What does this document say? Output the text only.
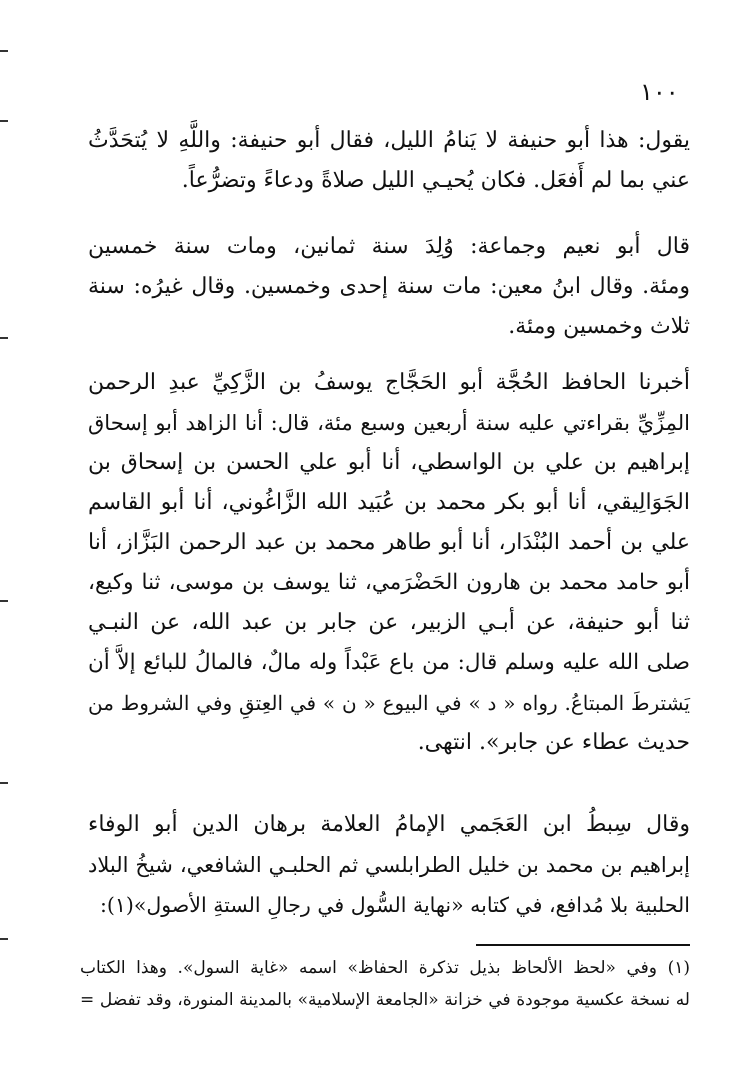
١٠٠
يقول: هذا أبو حنيفة لا يَنامُ الليل، فقال أبو حنيفة: واللَّهِ لا يُتحَدَّثُ
عني بما لم أَفعَل. فكان يُحيـي الليل صلاةً ودعاءً وتضرُّعاً.
قال أبو نعيم وجماعة: وُلِدَ سنة ثمانين، ومات سنة خمسين
ومئة. وقال ابنُ معين: مات سنة إحدى وخمسين. وقال غيرُه: سنة
ثلاث وخمسين ومئة.
أخبرنا الحافظ الحُجَّة أبو الحَجَّاج يوسفُ بن الزَّكِيِّ عبدِ الرحمن
المِزِّيِّ بقراءتي عليه سنة أربعين وسبع مئة، قال: أنا الزاهد أبو إسحاق
إبراهيم بن علي بن الواسطي، أنا أبو علي الحسن بن إسحاق بن
الجَوَالِيقي، أنا أبو بكر محمد بن عُبَيد الله الزَّاغُوني، أنا أبو القاسم
علي بن أحمد البُنْدَار، أنا أبو طاهر محمد بن عبد الرحمن البَزَّاز، أنا
أبو حامد محمد بن هارون الحَضْرَمي، ثنا يوسف بن موسى، ثنا وكيع،
ثنا أبو حنيفة، عن أبـي الزبير، عن جابر بن عبد الله، عن النبـي
صلى الله عليه وسلم قال: من باع عَبْداً وله مالٌ، فالمالُ للبائع إلاَّ أن
يَشترطَ المبتاعُ. رواه « د » في البيوع « ن » في العِتقِ وفي الشروط من
حديث عطاء عن جابر». انتهى.
وقال سِبطُ ابن العَجَمي الإمامُ العلامة برهان الدين أبو الوفاء
إبراهيم بن محمد بن خليل الطرابلسي ثم الحلبـي الشافعي، شيخُ البلاد
الحلبية بلا مُدافع، في كتابه «نهاية السُّول في رجالِ الستةِ الأصول»(١):
(١) وفي «لحظ الألحاظ بذيل تذكرة الحفاظ» اسمه «غاية السول». وهذا الكتاب
له نسخة عكسية موجودة في خزانة «الجامعة الإسلامية» بالمدينة المنورة، وقد تفضل =
